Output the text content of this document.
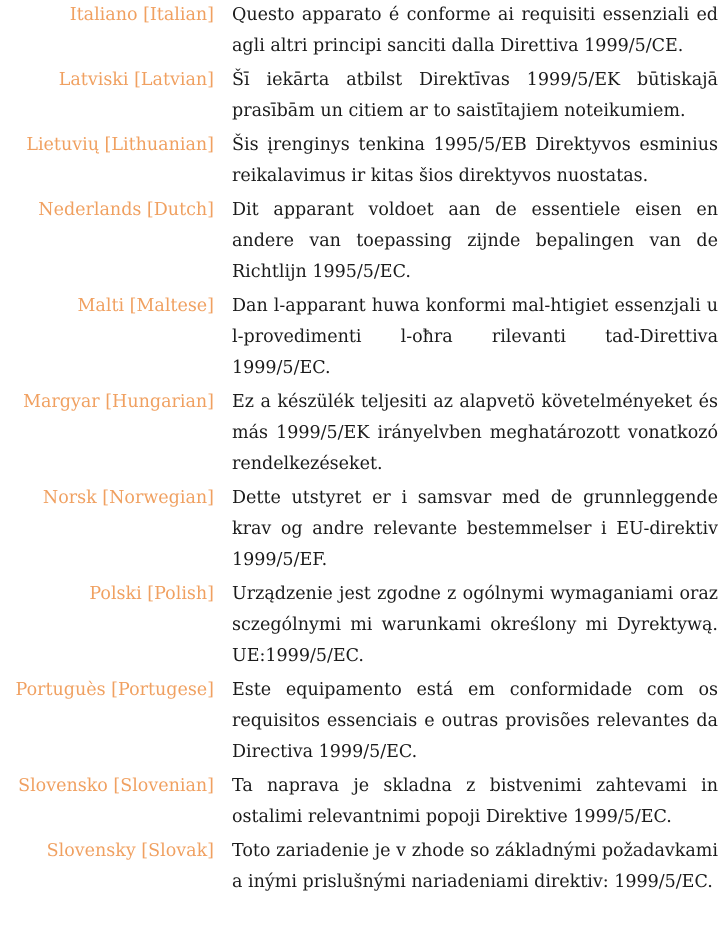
Italiano [Italian] Questo apparato é conforme ai requisiti essenziali ed agli altri principi sanciti dalla Direttiva 1999/5/CE.
Latviski [Latvian] Šī iekārta atbilst Direktīvas 1999/5/EK būtiskajā prasībām un citiem ar to saistītajiem noteikumiem.
Lietuvių [Lithuanian] Šis įrenginys tenkina 1995/5/EB Direktyvos esminius reikalavimus ir kitas šios direktyvos nuostatas.
Nederlands [Dutch] Dit apparant voldoet aan de essentiele eisen en andere van toepassing zijnde bepalingen van de Richtlijn 1995/5/EC.
Malti [Maltese] Dan l-apparant huwa konformi mal-htigiet essenzjali u l-provedimenti l-oħra rilevanti tad-Direttiva 1999/5/EC.
Margyar [Hungarian] Ez a készülék teljesiti az alapvetö követelményeket és más 1999/5/EK irányelvben meghatározott vonatkozó rendelkezéseket.
Norsk [Norwegian] Dette utstyret er i samsvar med de grunnleggende krav og andre relevante bestemmelser i EU-direktiv 1999/5/EF.
Polski [Polish] Urządzenie jest zgodne z ogólnymi wymaganiami oraz sczególnymi mi warunkami określony mi Dyrektywą. UE:1999/5/EC.
Portuguès [Portugese] Este equipamento está em conformidade com os requisitos essenciais e outras provisões relevantes da Directiva 1999/5/EC.
Slovensko [Slovenian] Ta naprava je skladna z bistvenimi zahtevami in ostalimi relevantnimi popoji Direktive 1999/5/EC.
Slovensky [Slovak] Toto zariadenie je v zhode so základnými požadavkami a inými prislušnými nariadeniami direktiv: 1999/5/EC.
